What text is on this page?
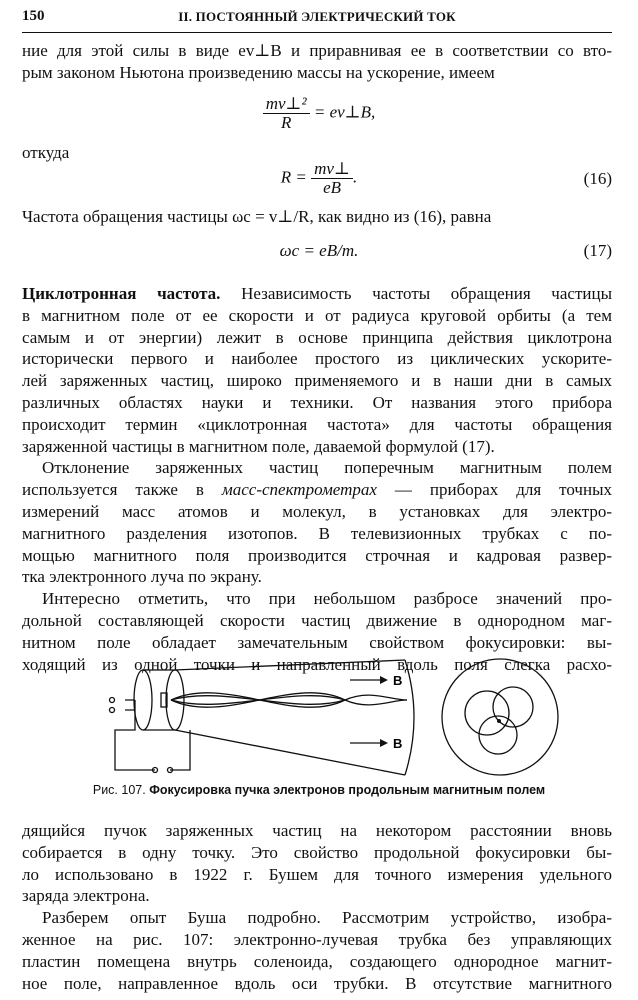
150	II. ПОСТОЯННЫЙ ЭЛЕКТРИЧЕСКИЙ ТОК
ние для этой силы в виде ev⊥B и приравнивая ее в соответствии со вто-
рым законом Ньютона произведению массы на ускорение, имеем
$\frac{\text{mv⊥²}}{R}$ = ev⊥B,
откуда
$R = \frac{mv\perp}{eB}$ .	(16)
Частота обращения частицы ωc = v⊥/R, как видно из (16), равна
ωc = eB/m.	(17)
Циклотронная частота. Независимость частоты обращения частицы
в магнитном поле от ее скорости и от радиуса круговой орбиты (а тем
самым и от энергии) лежит в основе принципа действия циклотрона
исторически первого и наиболее простого из циклических ускорите-
лей заряженных частиц, широко применяемого и в наши дни в самых
различных областях науки и техники. От названия этого прибора
происходит термин «циклотронная частота» для частоты обращения
заряженной частицы в магнитном поле, даваемой формулой (17).
Отклонение заряженных частиц поперечным магнитным полем
используется также в масс-спектрометрах — приборах для точных
измерений масс атомов и молекул, в установках для электро-
магнитного разделения изотопов. В телевизионных трубках с по-
мощью магнитного поля производится строчная и кадровая развер-
тка электронного луча по экрану.
Интересно отметить, что при небольшом разбросе значений про-
дольной составляющей скорости частиц движение в однородном маг-
нитном поле обладает замечательным свойством фокусировки: вы-
ходящий из одной точки и направленный вдоль поля слегка расхо-
B
B
Рис. 107. Фокусировка пучка электронов продольным магнитным полем
дящийся пучок заряженных частиц на некотором расстоянии вновь
собирается в одну точку. Это свойство продольной фокусировки бы-
ло использовано в 1922 г. Бушем для точного измерения удельного
заряда электрона.
Разберем опыт Буша подробно. Рассмотрим устройство, изобра-
женное на рис. 107: электронно-лучевая трубка без управляющих
пластин помещена внутрь соленоида, создающего однородное магнит-
ное поле, направленное вдоль оси трубки. В отсутствие магнитного
